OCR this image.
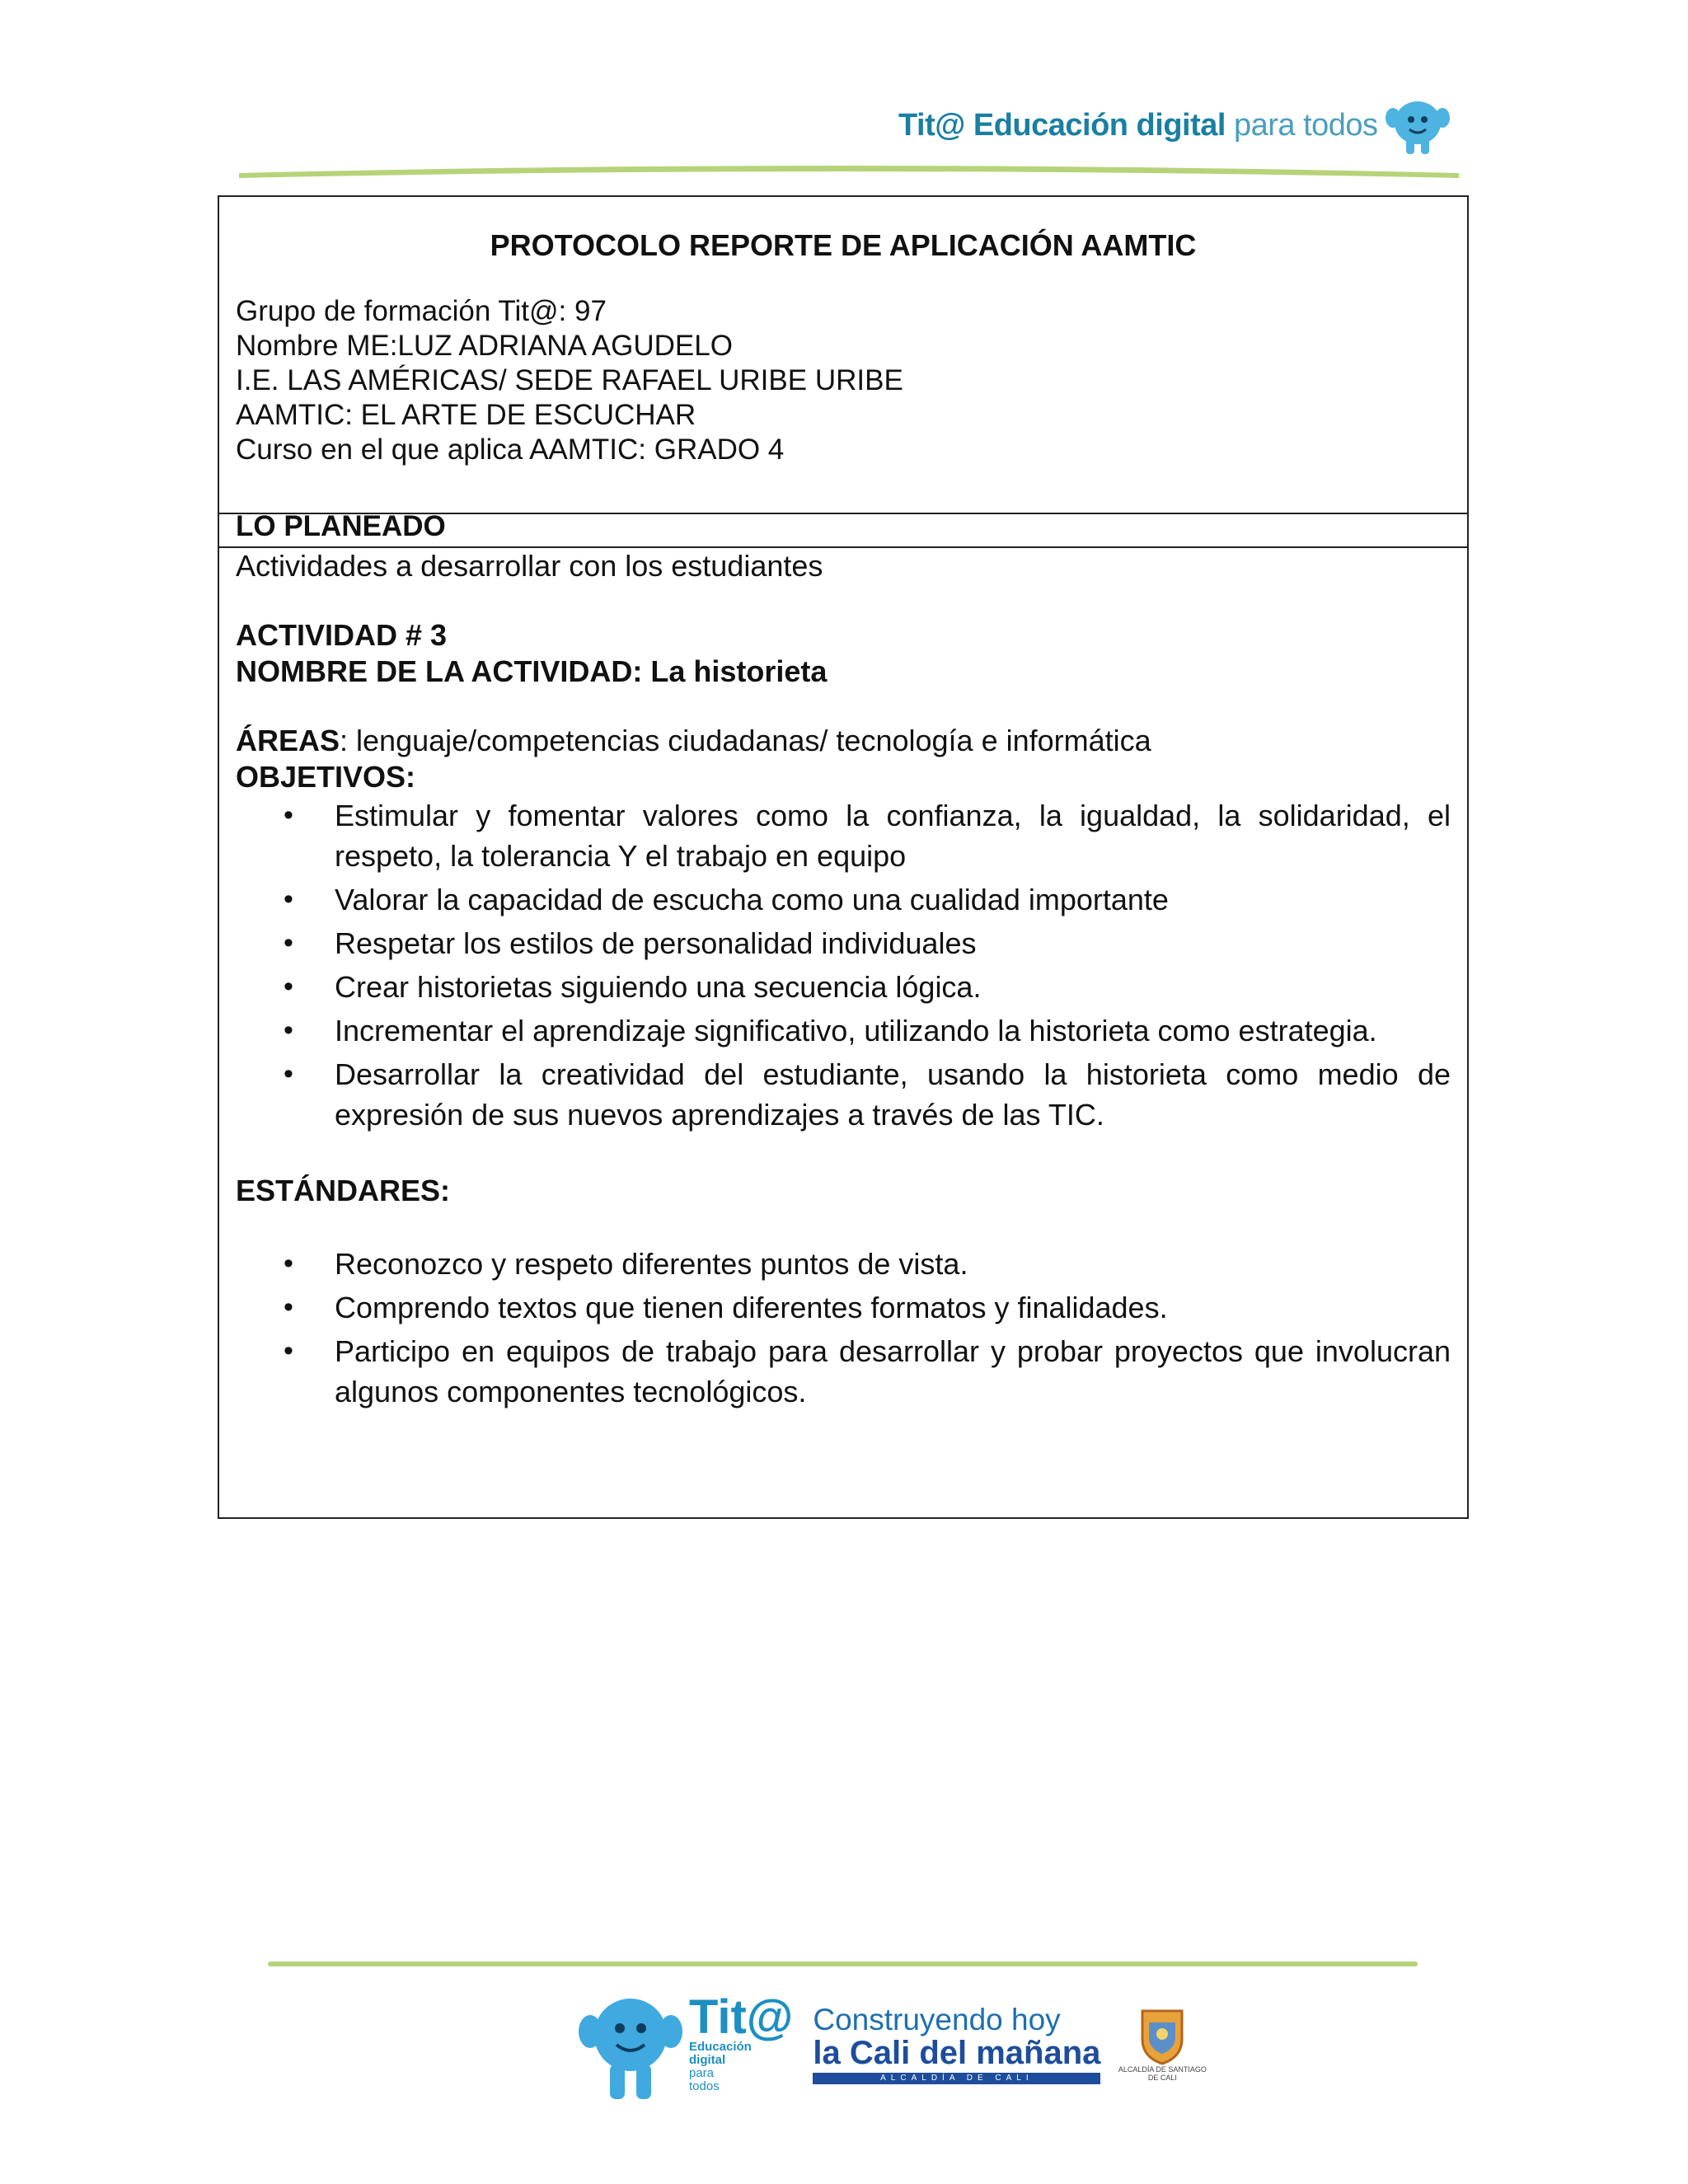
Tit@ Educación digital para todos
PROTOCOLO REPORTE DE APLICACIÓN AAMTIC
Grupo de formación Tit@: 97
Nombre ME:LUZ ADRIANA AGUDELO
I.E. LAS AMÉRICAS/ SEDE RAFAEL URIBE URIBE
AAMTIC: EL ARTE DE ESCUCHAR
Curso en el que aplica AAMTIC: GRADO 4
LO PLANEADO
Actividades a desarrollar con los estudiantes
ACTIVIDAD # 3
NOMBRE DE LA ACTIVIDAD: La historieta
ÁREAS: lenguaje/competencias ciudadanas/ tecnología e informática
OBJETIVOS:
• Estimular y fomentar valores como la confianza, la igualdad, la solidaridad, el respeto, la tolerancia Y el trabajo en equipo
• Valorar la capacidad de escucha como una cualidad importante
• Respetar los estilos de personalidad individuales
• Crear historietas siguiendo una secuencia lógica.
• Incrementar el aprendizaje significativo, utilizando la historieta como estrategia.
• Desarrollar la creatividad del estudiante, usando la historieta como medio de expresión de sus nuevos aprendizajes a través de las TIC.
ESTÁNDARES:
• Reconozco y respeto diferentes puntos de vista.
• Comprendo textos que tienen diferentes formatos y finalidades.
• Participo en equipos de trabajo para desarrollar y probar proyectos que involucran algunos componentes tecnológicos.
Tit@
Educación
digital
para
todos
Construyendo hoy
la Cali del mañana
ALCALDÍA DE CALI
ALCALDÍA DE SANTIAGO DE CALI
